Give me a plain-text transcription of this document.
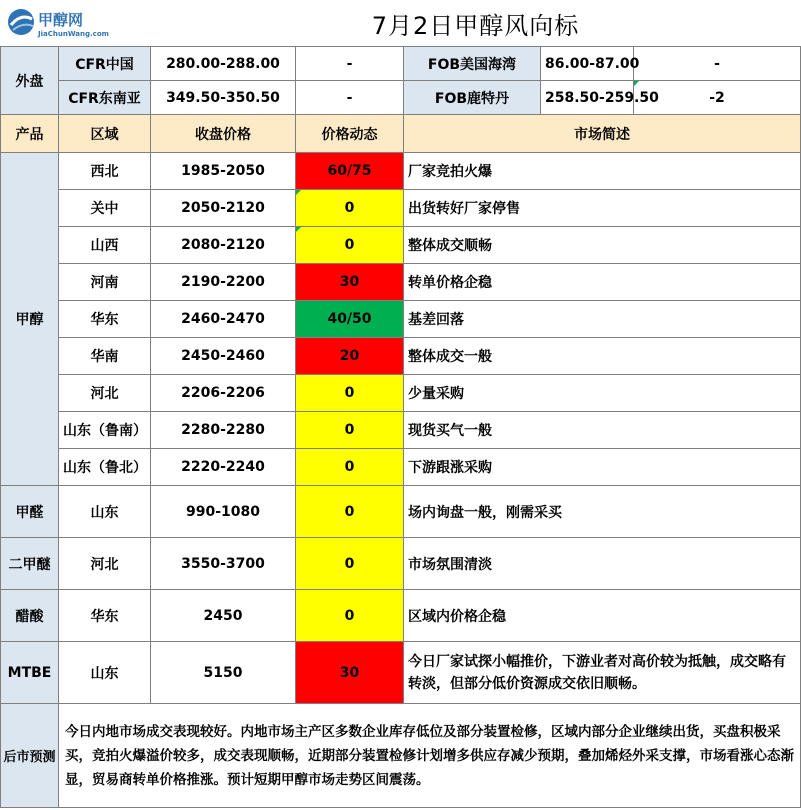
甲醇网
JiaChunWang.com		7月2日甲醇风向标				
外盘	CFR中国	280.00-288.00	-	FOB美国海湾	86.00-87.00	-
	CFR东南亚	349.50-350.50	-	FOB鹿特丹	258.50-259.50	-2
产品	区域	收盘价格	价格动态	市场简述		
甲醇	西北	1985-2050	60/75	厂家竞拍火爆		
	关中	2050-2120	0	出货转好厂家停售		
	山西	2080-2120	0	整体成交顺畅		
	河南	2190-2200	30	转单价格企稳		
	华东	2460-2470	40/50	基差回落		
	华南	2450-2460	20	整体成交一般		
	河北	2206-2206	0	少量采购		
	山东（鲁南）	2280-2280	0	现货买气一般		
	山东（鲁北）	2220-2240	0	下游跟涨采购		
甲醛	山东	990-1080	0	场内询盘一般，刚需采买		
二甲醚	河北	3550-3700	0	市场氛围清淡		
醋酸	华东	2450	0	区域内价格企稳		
MTBE	山东	5150	30	今日厂家试探小幅推价，下游业者对高价较为抵触，成交略有转淡，但部分低价资源成交依旧顺畅。		
后市预测	今日内地市场成交表现较好。内地市场主产区多数企业库存低位及部分装置检修，区域内部分企业继续出货，买盘积极采买，竞拍火爆溢价较多，成交表现顺畅，近期部分装置检修计划增多供应存减少预期，叠加烯烃外采支撑，市场看涨心态渐显，贸易商转单价格推涨。预计短期甲醇市场走势区间震荡。					
